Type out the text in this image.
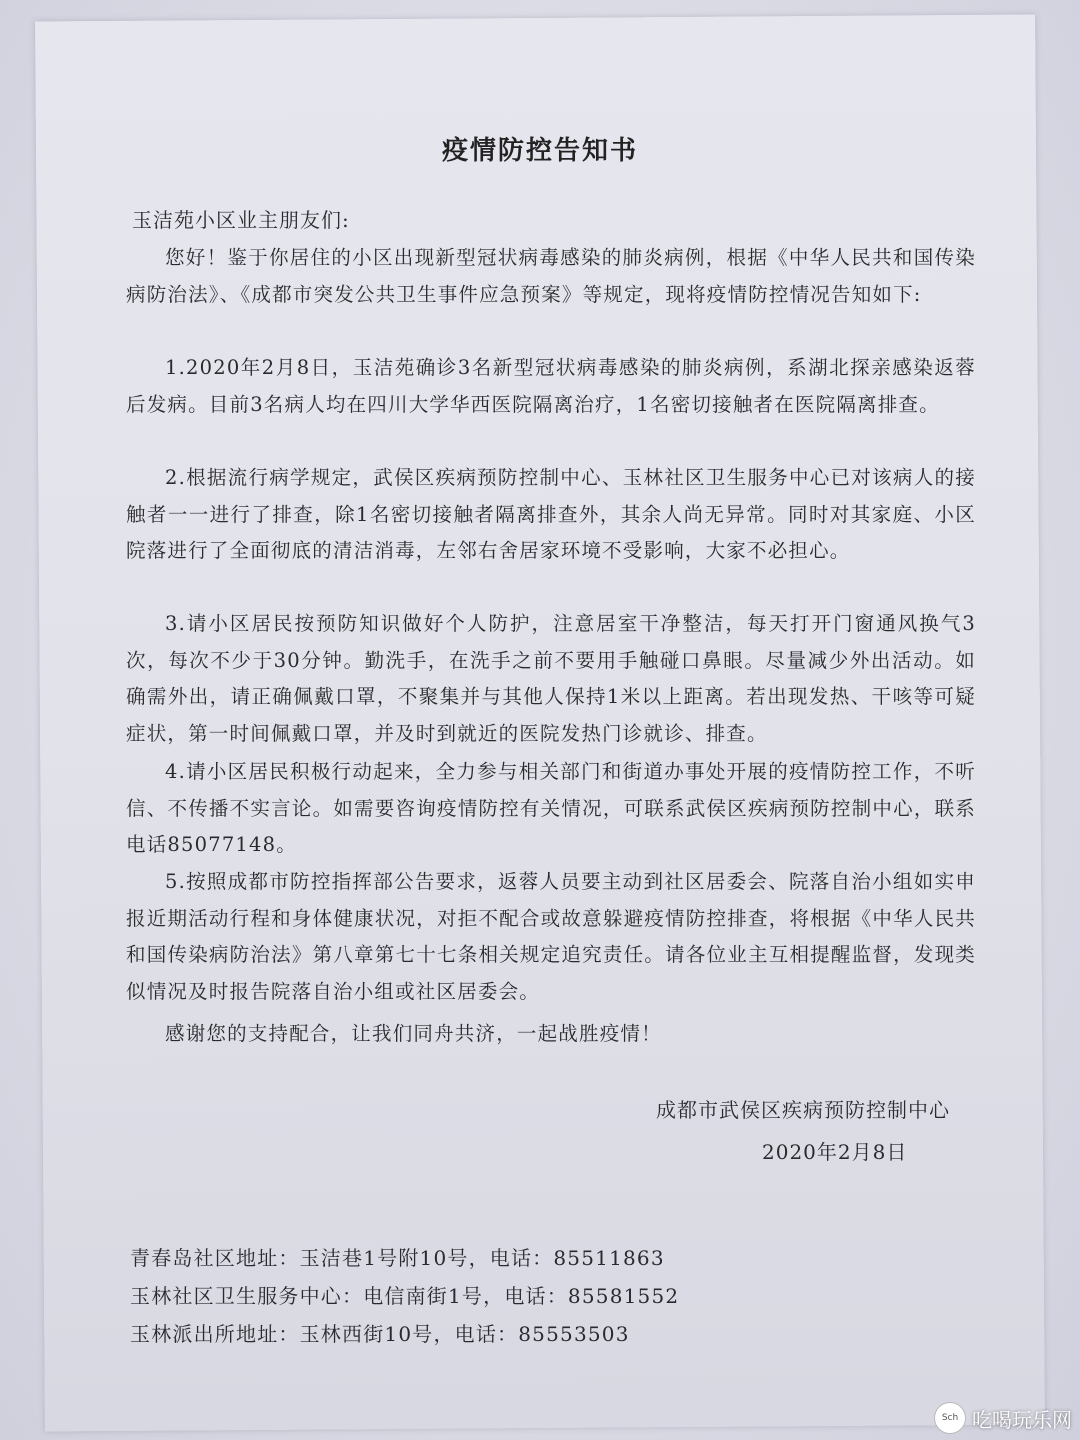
疫情防控告知书
玉洁苑小区业主朋友们:

您好！鉴于你居住的小区出现新型冠状病毒感染的肺炎病例，根据《中华人民共和国传染病防治法》、《成都市突发公共卫生事件应急预案》等规定，现将疫情防控情况告知如下:

1.2020年2月8日，玉洁苑确诊3名新型冠状病毒感染的肺炎病例，系湖北探亲感染返蓉后发病。目前3名病人均在四川大学华西医院隔离治疗，1名密切接触者在医院隔离排查。

2.根据流行病学规定，武侯区疾病预防控制中心、玉林社区卫生服务中心已对该病人的接触者一一进行了排查，除1名密切接触者隔离排查外，其余人尚无异常。同时对其家庭、小区院落进行了全面彻底的清洁消毒，左邻右舍居家环境不受影响，大家不必担心。

3.请小区居民按预防知识做好个人防护，注意居室干净整洁，每天打开门窗通风换气3次，每次不少于30分钟。勤洗手，在洗手之前不要用手触碰口鼻眼。尽量减少外出活动。如确需外出，请正确佩戴口罩，不聚集并与其他人保持1米以上距离。若出现发热、干咳等可疑症状，第一时间佩戴口罩，并及时到就近的医院发热门诊就诊、排查。

4.请小区居民积极行动起来，全力参与相关部门和街道办事处开展的疫情防控工作，不听信、不传播不实言论。如需要咨询疫情防控有关情况，可联系武侯区疾病预防控制中心，联系电话85077148。

5.按照成都市防控指挥部公告要求，返蓉人员要主动到社区居委会、院落自治小组如实申报近期活动行程和身体健康状况，对拒不配合或故意躲避疫情防控排查，将根据《中华人民共和国传染病防治法》第八章第七十七条相关规定追究责任。请各位业主互相提醒监督，发现类似情况及时报告院落自治小组或社区居委会。

感谢您的支持配合，让我们同舟共济，一起战胜疫情！

成都市武侯区疾病预防控制中心
2020年2月8日
青春岛社区地址：玉洁巷1号附10号，电话：85511863
玉林社区卫生服务中心：电信南街1号，电话：85581552
玉林派出所地址：玉林西街10号，电话：85553503
Sch 吃喝玩乐网
